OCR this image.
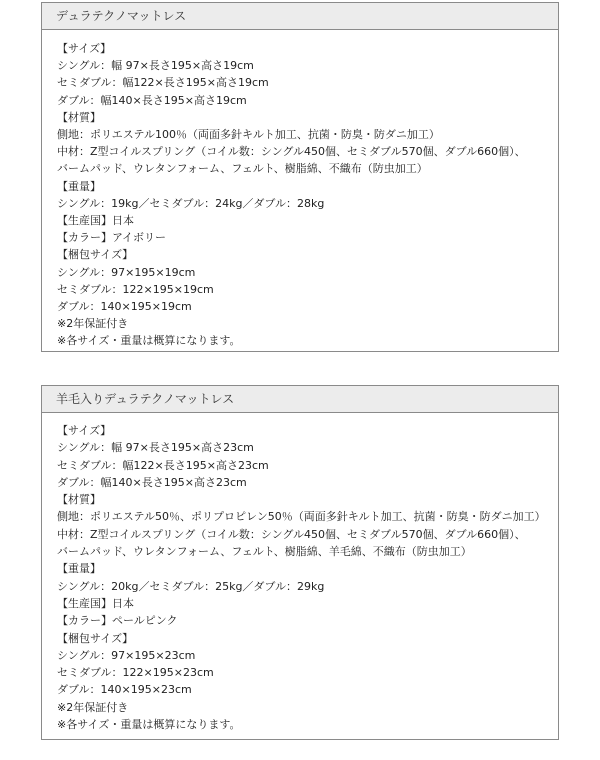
デュラテクノマットレス
【サイズ】
シングル：幅 97×長さ195×高さ19cm
セミダブル：幅122×長さ195×高さ19cm
ダブル：幅140×長さ195×高さ19cm
【材質】
側地：ポリエステル100％（両面多針キルト加工、抗菌・防臭・防ダニ加工）
中材：Z型コイルスプリング（コイル数：シングル450個、セミダブル570個、ダブル660個）、
バームパッド、ウレタンフォーム、フェルト、樹脂綿、不織布（防虫加工）
【重量】
シングル：19kg／セミダブル：24kg／ダブル：28kg
【生産国】日本
【カラー】アイボリー
【梱包サイズ】
シングル：97×195×19cm
セミダブル：122×195×19cm
ダブル：140×195×19cm
※2年保証付き
※各サイズ・重量は概算になります。
羊毛入りデュラテクノマットレス
【サイズ】
シングル：幅 97×長さ195×高さ23cm
セミダブル：幅122×長さ195×高さ23cm
ダブル：幅140×長さ195×高さ23cm
【材質】
側地：ポリエステル50％、ポリプロピレン50％（両面多針キルト加工、抗菌・防臭・防ダニ加工）
中材：Z型コイルスプリング（コイル数：シングル450個、セミダブル570個、ダブル660個）、
バームパッド、ウレタンフォーム、フェルト、樹脂綿、羊毛綿、不織布（防虫加工）
【重量】
シングル：20kg／セミダブル：25kg／ダブル：29kg
【生産国】日本
【カラー】ペールピンク
【梱包サイズ】
シングル：97×195×23cm
セミダブル：122×195×23cm
ダブル：140×195×23cm
※2年保証付き
※各サイズ・重量は概算になります。
